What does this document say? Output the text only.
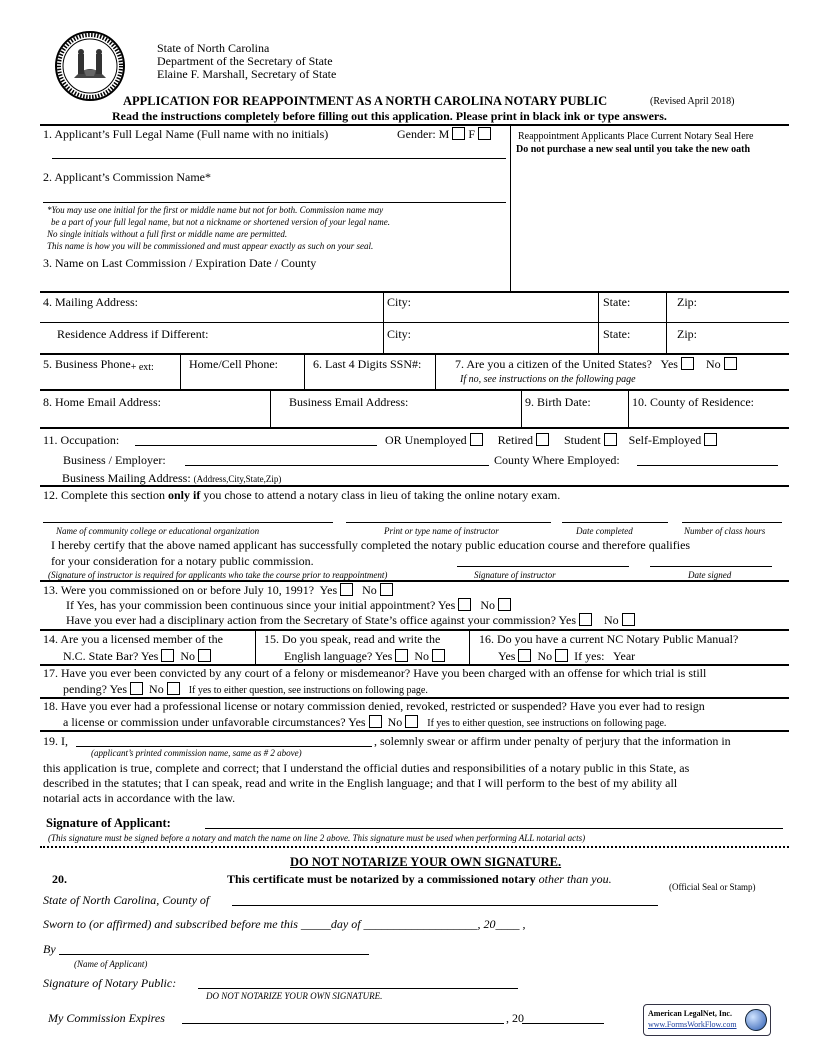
State of North Carolina
Department of the Secretary of State
Elaine F. Marshall, Secretary of State
APPLICATION FOR REAPPOINTMENT AS A NORTH CAROLINA NOTARY PUBLIC	(Revised April 2018)
Read the instructions completely before filling out this application. Please print in black ink or type answers.
1. Applicant’s Full Legal Name (Full name with no initials)	Gender: M F	Reappointment Applicants Place Current Notary Seal Here
Do not purchase a new seal until you take the new oath
2. Applicant’s Commission Name*
*You may use one initial for the first or middle name but not for both. Commission name may
be a part of your full legal name, but not a nickname or shortened version of your legal name.
No single initials without a full first or middle name are permitted.
This name is how you will be commissioned and must appear exactly as such on your seal.
3. Name on Last Commission / Expiration Date / County
4. Mailing Address:	City:	State:	Zip:
Residence Address if Different:	City:	State:	Zip:
5. Business Phone+ ext:	Home/Cell Phone:	6. Last 4 Digits SSN#:	7. Are you a citizen of the United States? Yes No
If no, see instructions on the following page
8. Home Email Address:	Business Email Address:	9. Birth Date:	10. County of Residence:
11. Occupation:	OR Unemployed	Retired	Student Self-Employed
Business / Employer:	County Where Employed:
Business Mailing Address: (Address,City,State,Zip)
12. Complete this section only if you chose to attend a notary class in lieu of taking the online notary exam.
Name of community college or educational organization	Print or type name of instructor	Date completed	Number of class hours
I hereby certify that the above named applicant has successfully completed the notary public education course and therefore qualifies
for your consideration for a notary public commission.
(Signature of instructor is required for applicants who take the course prior to reappointment)	Signature of instructor	Date signed
13. Were you commissioned on or before July 10, 1991? Yes No
If Yes, has your commission been continuous since your initial appointment? Yes No
Have you ever had a disciplinary action from the Secretary of State’s office against your commission? Yes No
14. Are you a licensed member of the
N.C. State Bar? Yes No
15. Do you speak, read and write the
English language? Yes No
16. Do you have a current NC Notary Public Manual?
Yes No If yes: Year
17. Have you ever been convicted by any court of a felony or misdemeanor? Have you been charged with an offense for which trial is still
pending? Yes No	If yes to either question, see instructions on following page.
18. Have you ever had a professional license or notary commission denied, revoked, restricted or suspended? Have you ever had to resign
a license or commission under unfavorable circumstances? Yes No	If yes to either question, see instructions on following page.
19. I,	, solemnly swear or affirm under penalty of perjury that the information in
(applicant’s printed commission name, same as # 2 above)
this application is true, complete and correct; that I understand the official duties and responsibilities of a notary public in this State, as
described in the statutes; that I can speak, read and write in the English language; and that I will perform to the best of my ability all
notarial acts in accordance with the law.
Signature of Applicant:
(This signature must be signed before a notary and match the name on line 2 above. This signature must be used when performing ALL notarial acts)
DO NOT NOTARIZE YOUR OWN SIGNATURE.
20.	This certificate must be notarized by a commissioned notary other than you.
(Official Seal or Stamp)
State of North Carolina, County of
Sworn to (or affirmed) and subscribed before me this _____day of ___________________, 20____ ,
By
(Name of Applicant)
Signature of Notary Public:
DO NOT NOTARIZE YOUR OWN SIGNATURE.
My Commission Expires	, 20	American LegalNet, Inc.
www.FormsWorkFlow.com
